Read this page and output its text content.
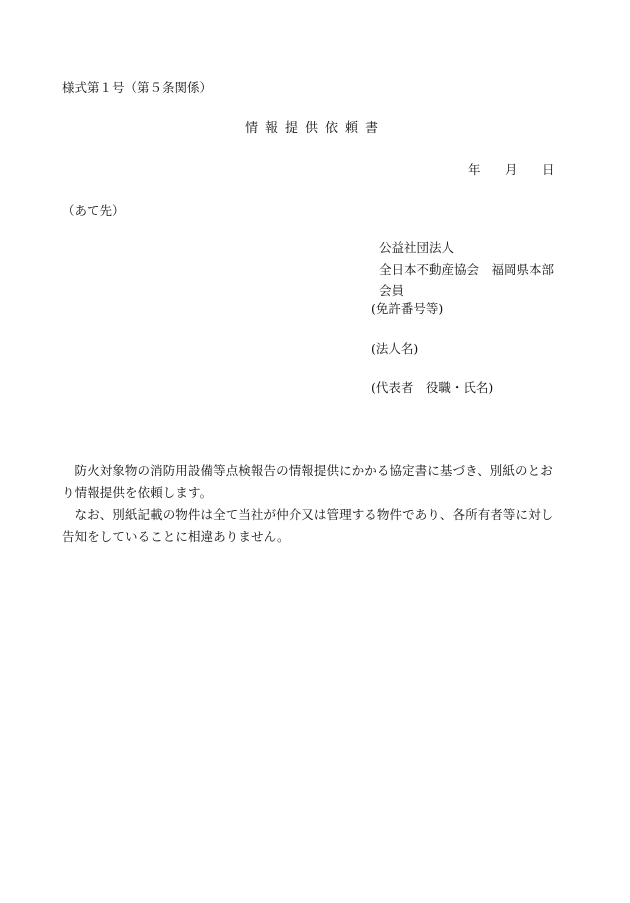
様式第１号（第５条関係）
情報提供依頼書
年 月 日
（あて先）
公益社団法人
全日本不動産協会　福岡県本部
会員
(免許番号等)
(法人名)
(代表者　役職・氏名)

防火対象物の消防用設備等点検報告の情報提供にかかる協定書に基づき、別紙のとおり情報提供を依頼します。

なお、別紙記載の物件は全て当社が仲介又は管理する物件であり、各所有者等に対し告知をしていることに相違ありません。
